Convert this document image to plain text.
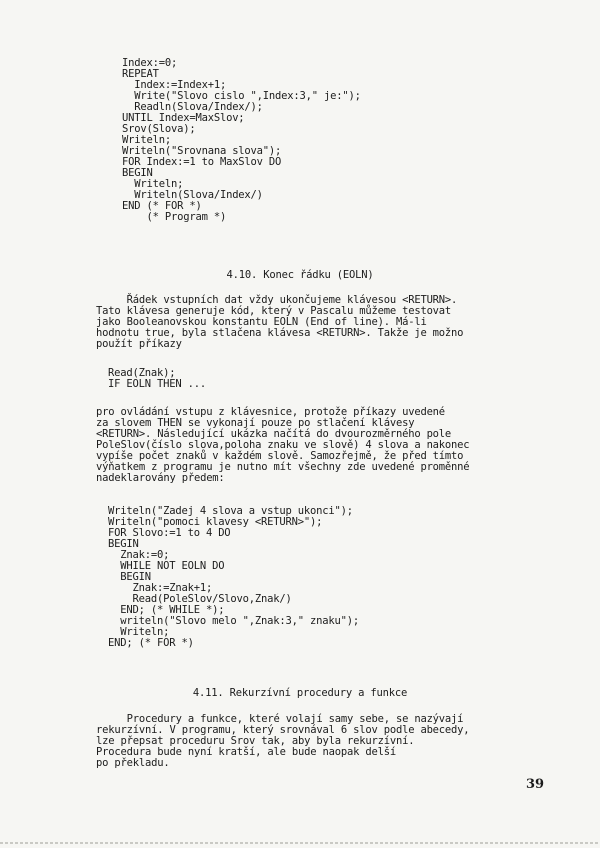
Index:=0;
REPEAT
Index:=Index+1;
Write("Slovo cislo ",Index:3," je:");
Readln(Slova/Index/);
UNTIL Index=MaxSlov;
Srov(Slova);
Writeln;
Writeln("Srovnana slova");
FOR Index:=1 to MaxSlov DO
BEGIN
Writeln;
Writeln(Slova/Index/)
END (* FOR *)
(* Program *)
4.10. Konec řádku (EOLN)
Řádek vstupních dat vždy ukončujeme klávesou <RETURN>.
Tato klávesa generuje kód, který v Pascalu můžeme testovat
jako Booleanovskou konstantu EOLN (End of line). Má-li
hodnotu true, byla stlačena klávesa <RETURN>. Takže je možno
použít příkazy
Read(Znak);
IF EOLN THEN ...
pro ovládání vstupu z klávesnice, protože příkazy uvedené
za slovem THEN se vykonají pouze po stlačení klávesy
<RETURN>. Následující ukázka načítá do dvourozměrného pole
PoleSlov(číslo slova,poloha znaku ve slově) 4 slova a nakonec
vypíše počet znaků v každém slově. Samozřejmě, že před tímto
výňatkem z programu je nutno mít všechny zde uvedené proměnné
nadeklarovány předem:
Writeln("Zadej 4 slova a vstup ukonci");
Writeln("pomoci klavesy <RETURN>");
FOR Slovo:=1 to 4 DO
BEGIN
Znak:=0;
WHILE NOT EOLN DO
BEGIN
Znak:=Znak+1;
Read(PoleSlov/Slovo,Znak/)
END; (* WHILE *);
writeln("Slovo melo ",Znak:3," znaku");
Writeln;
END; (* FOR *)
4.11. Rekurzívní procedury a funkce
Procedury a funkce, které volají samy sebe, se nazývají
rekurzívní. V programu, který srovnával 6 slov podle abecedy,
lze přepsat proceduru Srov tak, aby byla rekurzívní.
Procedura bude nyní kratší, ale bude naopak delší
po překladu.
39
